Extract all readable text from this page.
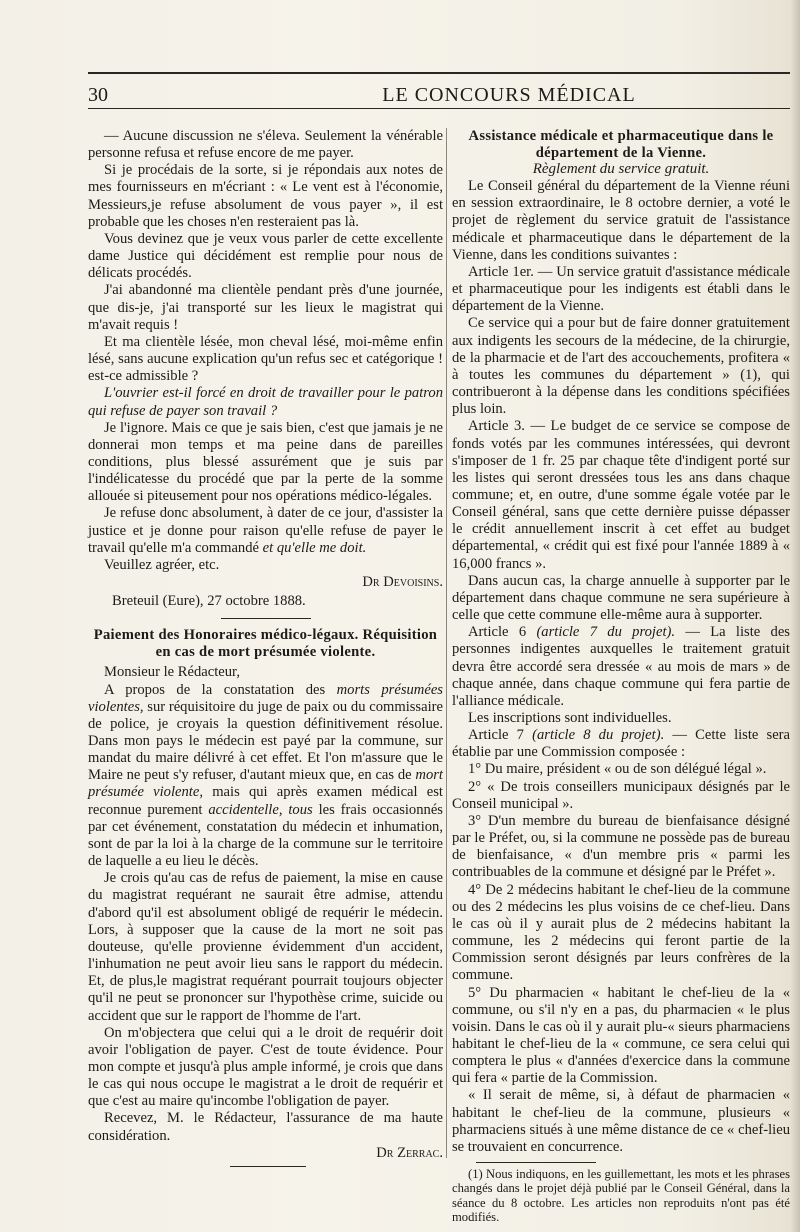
30	LE CONCOURS MÉDICAL

— Aucune discussion ne s'éleva. Seulement la vénérable personne refusa et refuse encore de me payer.

Si je procédais de la sorte, si je répondais aux notes de mes fournisseurs en m'écriant : « Le vent est à l'économie, Messieurs,je refuse absolument de vous payer », il est probable que les choses n'en resteraient pas là.

Vous devinez que je veux vous parler de cette excellente dame Justice qui décidément est remplie pour nous de délicats procédés.

J'ai abandonné ma clientèle pendant près d'une journée, que dis-je, j'ai transporté sur les lieux le magistrat qui m'avait requis !

Et ma clientèle lésée, mon cheval lésé, moi-même enfin lésé, sans aucune explication qu'un refus sec et catégorique ! est-ce admissible ?

L'ouvrier est-il forcé en droit de travailler pour le patron qui refuse de payer son travail ?

Je l'ignore. Mais ce que je sais bien, c'est que jamais je ne donnerai mon temps et ma peine dans de pareilles conditions, plus blessé assurément que je suis par l'indélicatesse du procédé que par la perte de la somme allouée si piteusement pour nos opérations médico-légales.

Je refuse donc absolument, à dater de ce jour, d'assister la justice et je donne pour raison qu'elle refuse de payer le travail qu'elle m'a commandé et qu'elle me doit.

Veuillez agréer, etc.

Dr Devoisins.

Breteuil (Eure), 27 octobre 1888.

Paiement des Honoraires médico-légaux. Réquisition en cas de mort présumée violente.

Monsieur le Rédacteur,

A propos de la constatation des morts présumées violentes, sur réquisitoire du juge de paix ou du commissaire de police, je croyais la question définitivement résolue. Dans mon pays le médecin est payé par la commune, sur mandat du maire délivré à cet effet. Et l'on m'assure que le Maire ne peut s'y refuser, d'autant mieux que, en cas de mort présumée violente, mais qui après examen médical est reconnue purement accidentelle, tous les frais occasionnés par cet événement, constatation du médecin et inhumation, sont de par la loi à la charge de la commune sur le territoire de laquelle a eu lieu le décès.

Je crois qu'au cas de refus de paiement, la mise en cause du magistrat requérant ne saurait être admise, attendu d'abord qu'il est absolument obligé de requérir le médecin. Lors, à supposer que la cause de la mort ne soit pas douteuse, qu'elle provienne évidemment d'un accident, l'inhumation ne peut avoir lieu sans le rapport du médecin. Et, de plus,le magistrat requérant pourrait toujours objecter qu'il ne peut se prononcer sur l'hypothèse crime, suicide ou accident que sur le rapport de l'homme de l'art.

On m'objectera que celui qui a le droit de requérir doit avoir l'obligation de payer. C'est de toute évidence. Pour mon compte et jusqu'à plus ample informé, je crois que dans le cas qui nous occupe le magistrat a le droit de requérir et que c'est au maire qu'incombe l'obligation de payer.

Recevez, M. le Rédacteur, l'assurance de ma haute considération.

Dr Zerrac.

Assistance médicale et pharmaceutique dans le département de la Vienne.

Règlement du service gratuit.

Le Conseil général du département de la Vienne réuni en session extraordinaire, le 8 octobre dernier, a voté le projet de règlement du service gratuit de l'assistance médicale et pharmaceutique dans le département de la Vienne, dans les conditions suivantes :

Article 1er. — Un service gratuit d'assistance médicale et pharmaceutique pour les indigents est établi dans le département de la Vienne.

Ce service qui a pour but de faire donner gratuitement aux indigents les secours de la médecine, de la chirurgie, de la pharmacie et de l'art des accouchements, profitera « à toutes les communes du département » (1), qui contribueront à la dépense dans les conditions spécifiées plus loin.

Article 3. — Le budget de ce service se compose de fonds votés par les communes intéressées, qui devront s'imposer de 1 fr. 25 par chaque tête d'indigent porté sur les listes qui seront dressées tous les ans dans chaque commune; et, en outre, d'une somme égale votée par le Conseil général, sans que cette dernière puisse dépasser le crédit annuellement inscrit à cet effet au budget départemental, « crédit qui est fixé pour l'année 1889 à « 16,000 francs ».

Dans aucun cas, la charge annuelle à supporter par le département dans chaque commune ne sera supérieure à celle que cette commune elle-même aura à supporter.

Article 6 (article 7 du projet). — La liste des personnes indigentes auxquelles le traitement gratuit devra être accordé sera dressée « au mois de mars » de chaque année, dans chaque commune qui fera partie de l'alliance médicale.

Les inscriptions sont individuelles.

Article 7 (article 8 du projet). — Cette liste sera établie par une Commission composée :

1° Du maire, président « ou de son délégué légal ».

2° « De trois conseillers municipaux désignés par le Conseil municipal ».

3° D'un membre du bureau de bienfaisance désigné par le Préfet, ou, si la commune ne possède pas de bureau de bienfaisance, « d'un membre pris « parmi les contribuables de la commune et désigné par le Préfet ».

4° De 2 médecins habitant le chef-lieu de la commune ou des 2 médecins les plus voisins de ce chef-lieu. Dans le cas où il y aurait plus de 2 médecins habitant la commune, les 2 médecins qui feront partie de la Commission seront désignés par leurs confrères de la commune.

5° Du pharmacien « habitant le chef-lieu de la « commune, ou s'il n'y en a pas, du pharmacien « le plus voisin. Dans le cas où il y aurait plu-« sieurs pharmaciens habitant le chef-lieu de la « commune, ce sera celui qui comptera le plus « d'années d'exercice dans la commune qui fera « partie de la Commission.

« Il serait de même, si, à défaut de pharmacien « habitant le chef-lieu de la commune, plusieurs « pharmaciens situés à une même distance de ce « chef-lieu se trouvaient en concurrence.

(1) Nous indiquons, en les guillemettant, les mots et les phrases changés dans le projet déjà publié par le Conseil Général, dans la séance du 8 octobre. Les articles non reproduits n'ont pas été modifiés.
